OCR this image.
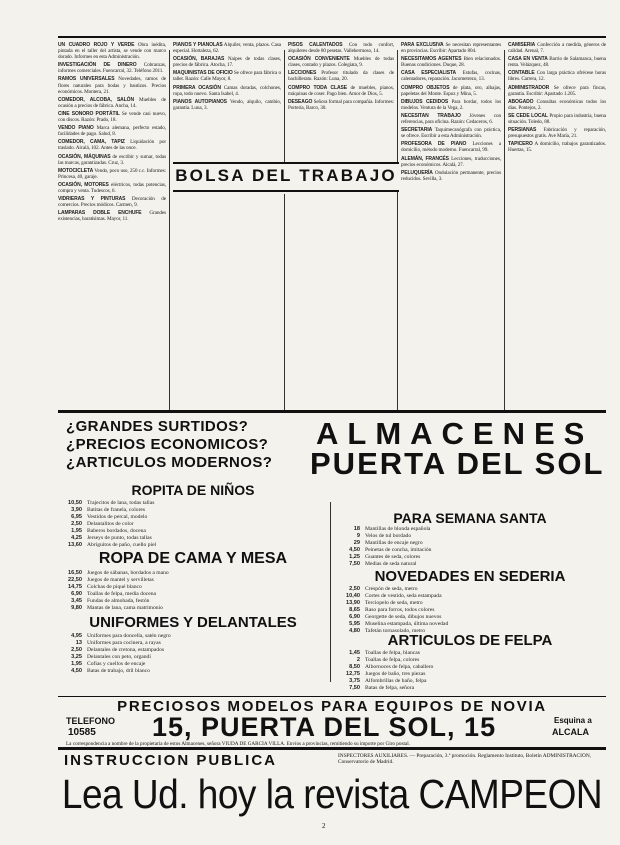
UN CUADRO ROJO Y VERDE Obra inédita, pintada en el taller del artista, se vende con marco dorado. Informes en esta Administración.

INVESTIGACIÓN DE DINERO Cobranzas, informes comerciales. Fuencarral, 32. Teléfono 2011.

RAMOS UNIVERSALES Novedades, ramos de flores naturales para bodas y bautizos. Precios económicos. Montera, 21.

COMEDOR, ALCOBA, SALÓN Muebles de ocasión a precios de fábrica. Ancha, 14.

CINE SONORO PORTÁTIL Se vende casi nuevo, con discos. Razón: Prado, 18.

VENDO PIANO Marca alemana, perfecto estado, facilidades de pago. Salud, 8.

COMEDOR, CAMA, TAPIZ Liquidación por traslado. Alcalá, 102. Antes de las once.

OCASIÓN, MÁQUINAS de escribir y sumar, todas las marcas, garantizadas. Cruz, 3.

MOTOCICLETA Vendo, poco uso, 250 c.c. Informes: Princesa, 40, garaje.

OCASIÓN, MOTORES eléctricos, todas potencias, compra y venta. Tudescos, 6.

VIDRIERAS Y PINTURAS Decoración de comercios. Precios módicos. Carmen, 9.

LAMPARAS DOBLE ENCHUFE Grandes existencias, baratísimas. Mayor, 11.

PIANOS Y PIANOLAS Alquiler, venta, plazos. Casa especial. Hortaleza, 62.

OCASIÓN, BARAJAS Naipes de todas clases, precios de fábrica. Atocha, 17.

MAQUINISTAS DE OFICIO Se ofrece para fábrica o taller. Razón: Calle Mayor, 8.

PRIMERA OCASIÓN Camas doradas, colchones, ropa, todo nuevo. Santa Isabel, 4.

PIANOS AUTOPIANOS Vendo, alquilo, cambio, garantía. Luna, 3.

PISOS CALENTADOS Con todo confort, alquileres desde 80 pesetas. Vallehermoso, 14.

OCASIÓN CONVENIENTE Muebles de todas clases, contado y plazos. Colegiata, 9.

LECCIONES Profesor titulado da clases de bachillerato. Razón: Luna, 20.

COMPRO TODA CLASE de muebles, pianos, máquinas de coser. Pago bien. Amor de Dios, 5.

DESEAGO Señora formal para compañía. Informes: Portería, Barco, 30.

PARA EXCLUSIVA Se necesitan representantes en provincias. Escribir: Apartado 804.

NECESITAMOS AGENTES Bien relacionados. Buenas condiciones. Duque, 28.

CASA ESPECIALISTA Estufas, cocinas, calentadores, reparación. Jacometrezo, 13.

COMPRO OBJETOS de plata, oro, alhajas, papeletas del Monte. Espoz y Mina, 5.

DIBUJOS CEDIDOS Para bordar, todos los modelos. Ventura de la Vega, 2.

NECESITAN TRABAJO Jóvenes con referencias, para oficina. Razón: Cedaceros, 6.

SECRETARIA Taquimecanógrafa con práctica, se ofrece. Escribir a esta Administración.

PROFESORA DE PIANO Lecciones a domicilio, método moderno. Fuencarral, 99.

ALEMÁN, FRANCÉS Lecciones, traducciones, precios económicos. Alcalá, 27.

PELUQUERÍA Ondulación permanente, precios reducidos. Sevilla, 3.

CAMISERÍA Confección a medida, géneros de calidad. Arenal, 7.

CASA EN VENTA Barrio de Salamanca, buena renta. Velázquez, 48.

CONTABLE Con larga práctica ofrécese horas libres. Carrera, 12.

ADMINISTRADOR Se ofrece para fincas, garantía. Escribir: Apartado 1.205.

ABOGADO Consultas económicas todos los días. Pontejos, 2.

SE CEDE LOCAL Propio para industria, buena situación. Toledo, 88.

PERSIANAS Fabricación y reparación, presupuestos gratis. Ave María, 21.

TAPICERO A domicilio, trabajos garantizados. Huertas, 15.

BOLSA DEL TRABAJO
¿GRANDES SURTIDOS?
¿PRECIOS ECONOMICOS?
¿ARTICULOS MODERNOS?
ALMACENES
PUERTA DEL SOL
ROPITA DE NIÑOS
10,50 Trajecitos de lana, todas tallas
3,90 Batitas de franela, colores
6,95 Vestidos de percal, modelo
2,50 Delantalitos de color
1,95 Baberos bordados, docena
4,25 Jerseys de punto, todas tallas
13,60 Abriguitos de paño, cuello piel
ROPA DE CAMA Y MESA
16,50 Juegos de sábanas, bordados a mano
22,50 Juegos de mantel y servilletas
14,75 Colchas de piqué blanco
6,90 Toallas de felpa, media docena
3,45 Fundas de almohada, festón
9,80 Mantas de lana, cama matrimonio
UNIFORMES Y DELANTALES
4,95 Uniformes para doncella, satén negro
13 Uniformes para cocinera, a rayas
2,50 Delantales de cretona, estampados
3,25 Delantales con peto, organdí
1,95 Cofias y cuellos de encaje
4,50 Batas de trabajo, dril blanco
PARA SEMANA SANTA
18 Mantillas de blonda española
9 Velos de tul bordado
29 Mantillas de encaje negro
4,50 Peinetas de concha, imitación
1,25 Guantes de seda, colores
7,50 Medias de seda natural
NOVEDADES EN SEDERIA
2,50 Crespón de seda, metro
10,40 Cortes de vestido, seda estampada
13,90 Terciopelo de seda, metro
8,65 Raso para forros, todos colores
6,90 Georgette de seda, dibujos nuevos
5,95 Muselina estampada, última novedad
4,80 Tafetán tornasolado, metro
ARTICULOS DE FELPA
1,45 Toallas de felpa, blancas
2 Toallas de felpa, colores
8,50 Albornoces de felpa, caballero
12,75 Juegos de baño, tres piezas
3,75 Alfombrillas de baño, felpa
7,50 Batas de felpa, señora
PRECIOSOS MODELOS PARA EQUIPOS DE NOVIA
TELEFONO
10585 15, PUERTA DEL SOL, 15	Esquina a
ALCALA
La correspondencia a nombre de la propietaria de estos Almacenes, señora VIUDA DE GARCÍA VILLA. Envíos a provincias, remitiendo su importe por Giro postal.
INSTRUCCION PUBLICA	INSPECTORES AUXILIARES. — Preparación, 3.ª promoción. Reglamento Instituto, Boletín ADMINISTRACIÓN, Conservatorio de Madrid.
Lea Ud. hoy la revista CAMPEON
2
